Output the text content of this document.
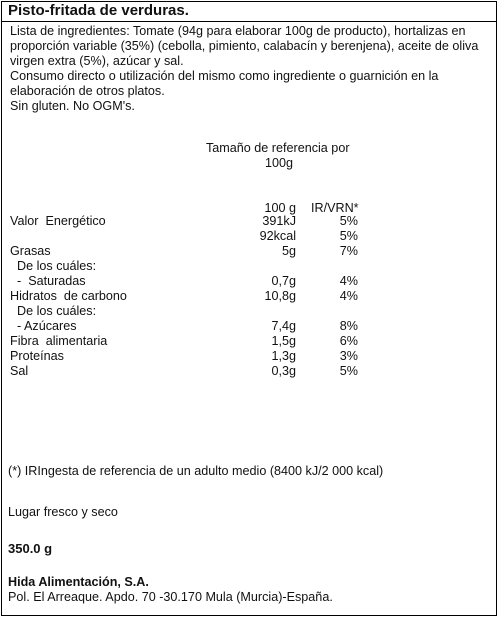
Pisto-fritada de verduras.
Lista de ingredientes: Tomate (94g para elaborar 100g de producto), hortalizas en proporción variable (35%) (cebolla, pimiento, calabacín y berenjena), aceite de oliva virgen extra (5%), azúcar y sal.
Consumo directo o utilización del mismo como ingrediente o guarnición en la elaboración de otros platos.
Sin gluten. No OGM's.
Tamaño de referencia por
100g
100 g IR/VRN*
Valor  Energético	391kJ	5%
92kcal	5%
Grasas	5g	7%
De los cuáles:
-  Saturadas	0,7g	4%
Hidratos  de carbono	10,8g	4%
De los cuáles:
- Azúcares	7,4g	8%
Fibra  alimentaria	1,5g	6%
Proteínas	1,3g	3%
Sal	0,3g	5%
(*) IRIngesta de referencia de un adulto medio (8400 kJ/2 000 kcal)
Lugar fresco y seco
350.0 g
Hida Alimentación, S.A.
Pol. El Arreaque. Apdo. 70 -30.170 Mula (Murcia)-España.
